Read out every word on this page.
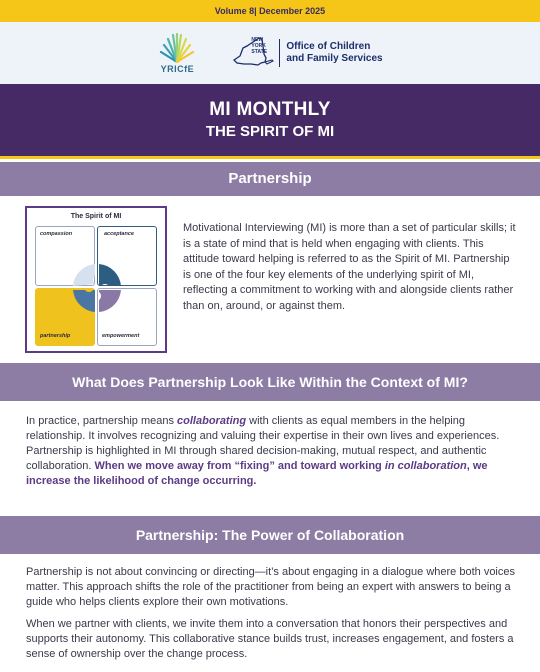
Volume 8| December 2025
YRICfE
NEW YORK STATE	Office of Children
and Family Services
MI MONTHLY
THE SPIRIT OF MI
Partnership
The Spirit of MI
compassion	acceptance
partnership	empowerment
Motivational Interviewing (MI) is more than a set of particular skills; it is a state of mind that is held when engaging with clients. This attitude toward helping is referred to as the Spirit of MI. Partnership is one of the four key elements of the underlying spirit of MI, reflecting a commitment to working with and alongside clients rather than on, around, or against them.
What Does Partnership Look Like Within the Context of MI?
In practice, partnership means collaborating with clients as equal members in the helping relationship. It involves recognizing and valuing their expertise in their own lives and experiences. Partnership is highlighted in MI through shared decision-making, mutual respect, and authentic collaboration. When we move away from “fixing” and toward working in collaboration, we increase the likelihood of change occurring.
Partnership: The Power of Collaboration
Partnership is not about convincing or directing—it’s about engaging in a dialogue where both voices matter. This approach shifts the role of the practitioner from being an expert with answers to being a guide who helps clients explore their own motivations.
When we partner with clients, we invite them into a conversation that honors their perspectives and supports their autonomy. This collaborative stance builds trust, increases engagement, and fosters a sense of ownership over the change process.
